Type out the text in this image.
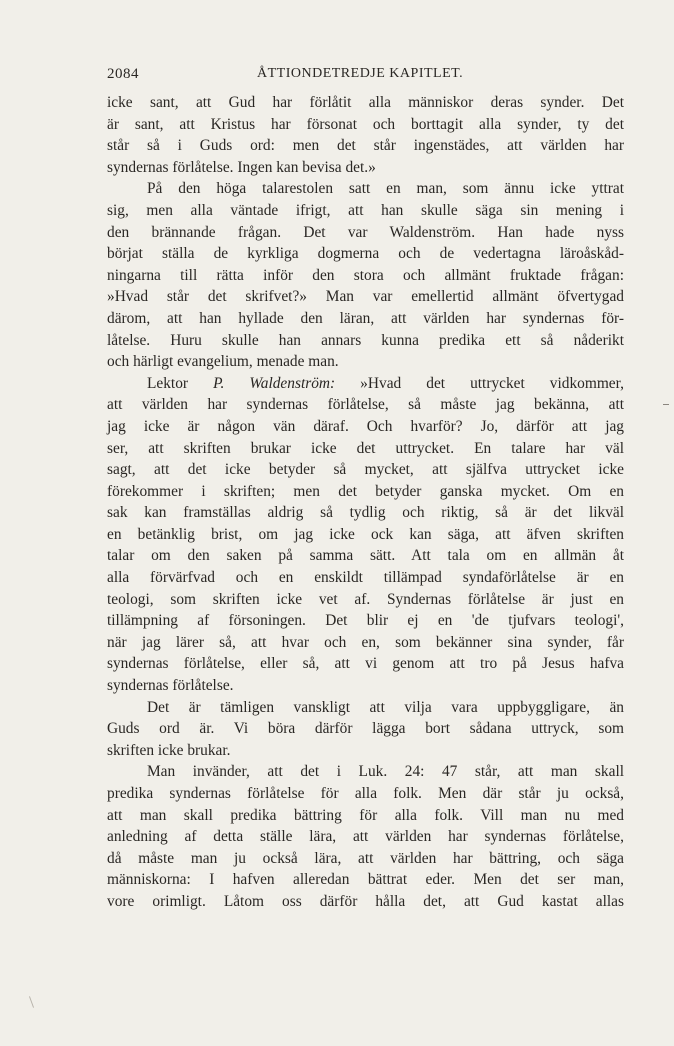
2084	ÅTTIONDETREDJE KAPITLET.
icke sant, att Gud har förlåtit alla människor deras synder. Det
är sant, att Kristus har försonat och borttagit alla synder, ty det
står så i Guds ord: men det står ingenstädes, att världen har
syndernas förlåtelse. Ingen kan bevisa det.»
På den höga talarestolen satt en man, som ännu icke yttrat
sig, men alla väntade ifrigt, att han skulle säga sin mening i
den brännande frågan. Det var Waldenström. Han hade nyss
börjat ställa de kyrkliga dogmerna och de vedertagna läroåskåd-
ningarna till rätta inför den stora och allmänt fruktade frågan:
»Hvad står det skrifvet?» Man var emellertid allmänt öfvertygad
därom, att han hyllade den läran, att världen har syndernas för-
låtelse. Huru skulle han annars kunna predika ett så nåderikt
och härligt evangelium, menade man.
Lektor P. Waldenström: »Hvad det uttrycket vidkommer,
att världen har syndernas förlåtelse, så måste jag bekänna, att
jag icke är någon vän däraf. Och hvarför? Jo, därför att jag
ser, att skriften brukar icke det uttrycket. En talare har väl
sagt, att det icke betyder så mycket, att själfva uttrycket icke
förekommer i skriften; men det betyder ganska mycket. Om en
sak kan framställas aldrig så tydlig och riktig, så är det likväl
en betänklig brist, om jag icke ock kan säga, att äfven skriften
talar om den saken på samma sätt. Att tala om en allmän åt
alla förvärfvad och en enskildt tillämpad syndaförlåtelse är en
teologi, som skriften icke vet af. Syndernas förlåtelse är just en
tillämpning af försoningen. Det blir ej en 'de tjufvars teologi',
när jag lärer så, att hvar och en, som bekänner sina synder, får
syndernas förlåtelse, eller så, att vi genom att tro på Jesus hafva
syndernas förlåtelse.
Det är tämligen vanskligt att vilja vara uppbyggligare, än
Guds ord är. Vi böra därför lägga bort sådana uttryck, som
skriften icke brukar.
Man invänder, att det i Luk. 24: 47 står, att man skall
predika syndernas förlåtelse för alla folk. Men där står ju också,
att man skall predika bättring för alla folk. Vill man nu med
anledning af detta ställe lära, att världen har syndernas förlåtelse,
då måste man ju också lära, att världen har bättring, och säga
människorna: I hafven alleredan bättrat eder. Men det ser man,
vore orimligt. Låtom oss därför hålla det, att Gud kastat allas
